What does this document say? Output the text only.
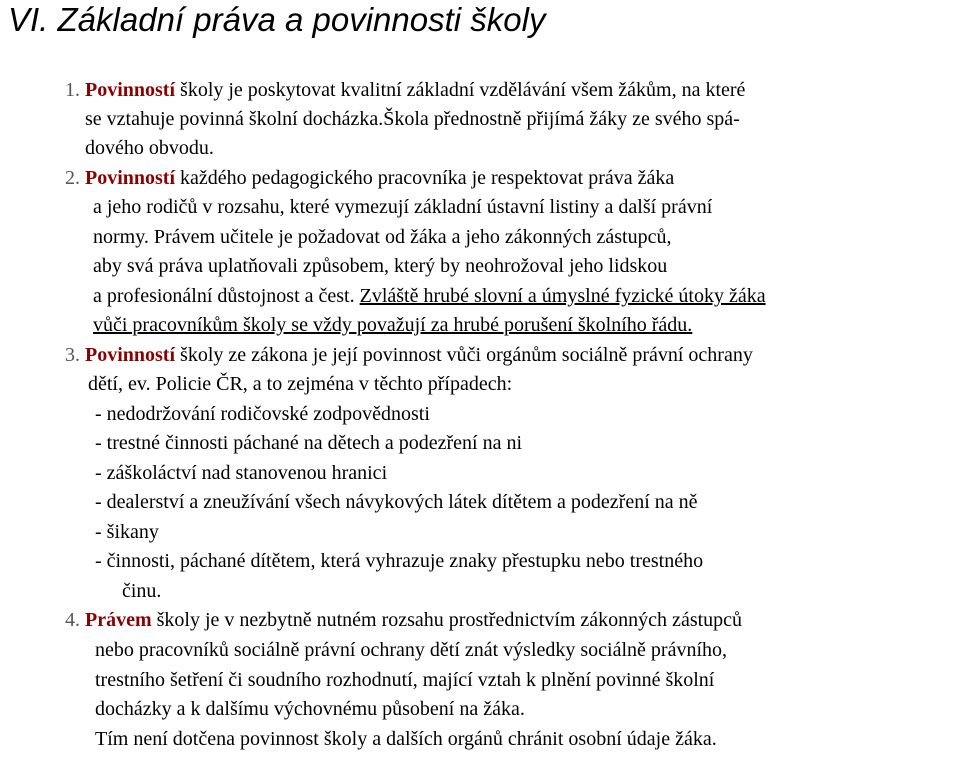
VI. Základní práva a povinnosti školy
1. Povinností školy je poskytovat kvalitní základní vzdělávání všem žákům, na které
se vztahuje povinná školní docházka.Škola přednostně přijímá žáky ze svého spá-
dového obvodu.
2. Povinností každého pedagogického pracovníka je respektovat práva žáka
a jeho rodičů v rozsahu, které vymezují základní ústavní listiny a další právní
normy. Právem učitele je požadovat od žáka a jeho zákonných zástupců,
aby svá práva uplatňovali způsobem, který by neohrožoval jeho lidskou
a profesionální důstojnost a čest. Zvláště hrubé slovní a úmyslné fyzické útoky žáka
vůči pracovníkům školy se vždy považují za hrubé porušení školního řádu.
3. Povinností školy ze zákona je její povinnost vůči orgánům sociálně právní ochrany
dětí, ev. Policie ČR, a to zejména v těchto případech:
- nedodržování rodičovské zodpovědnosti
- trestné činnosti páchané na dětech a podezření na ni
- záškoláctví nad stanovenou hranici
- dealerství a zneužívání všech návykových látek dítětem a podezření na ně
- šikany
- činnosti, páchané dítětem, která vyhrazuje znaky přestupku nebo trestného
činu.
4. Právem školy je v nezbytně nutném rozsahu prostřednictvím zákonných zástupců
nebo pracovníků sociálně právní ochrany dětí znát výsledky sociálně právního,
trestního šetření či soudního rozhodnutí, mající vztah k plnění povinné školní
docházky a k dalšímu výchovnému působení na žáka.
Tím není dotčena povinnost školy a dalších orgánů chránit osobní údaje žáka.
